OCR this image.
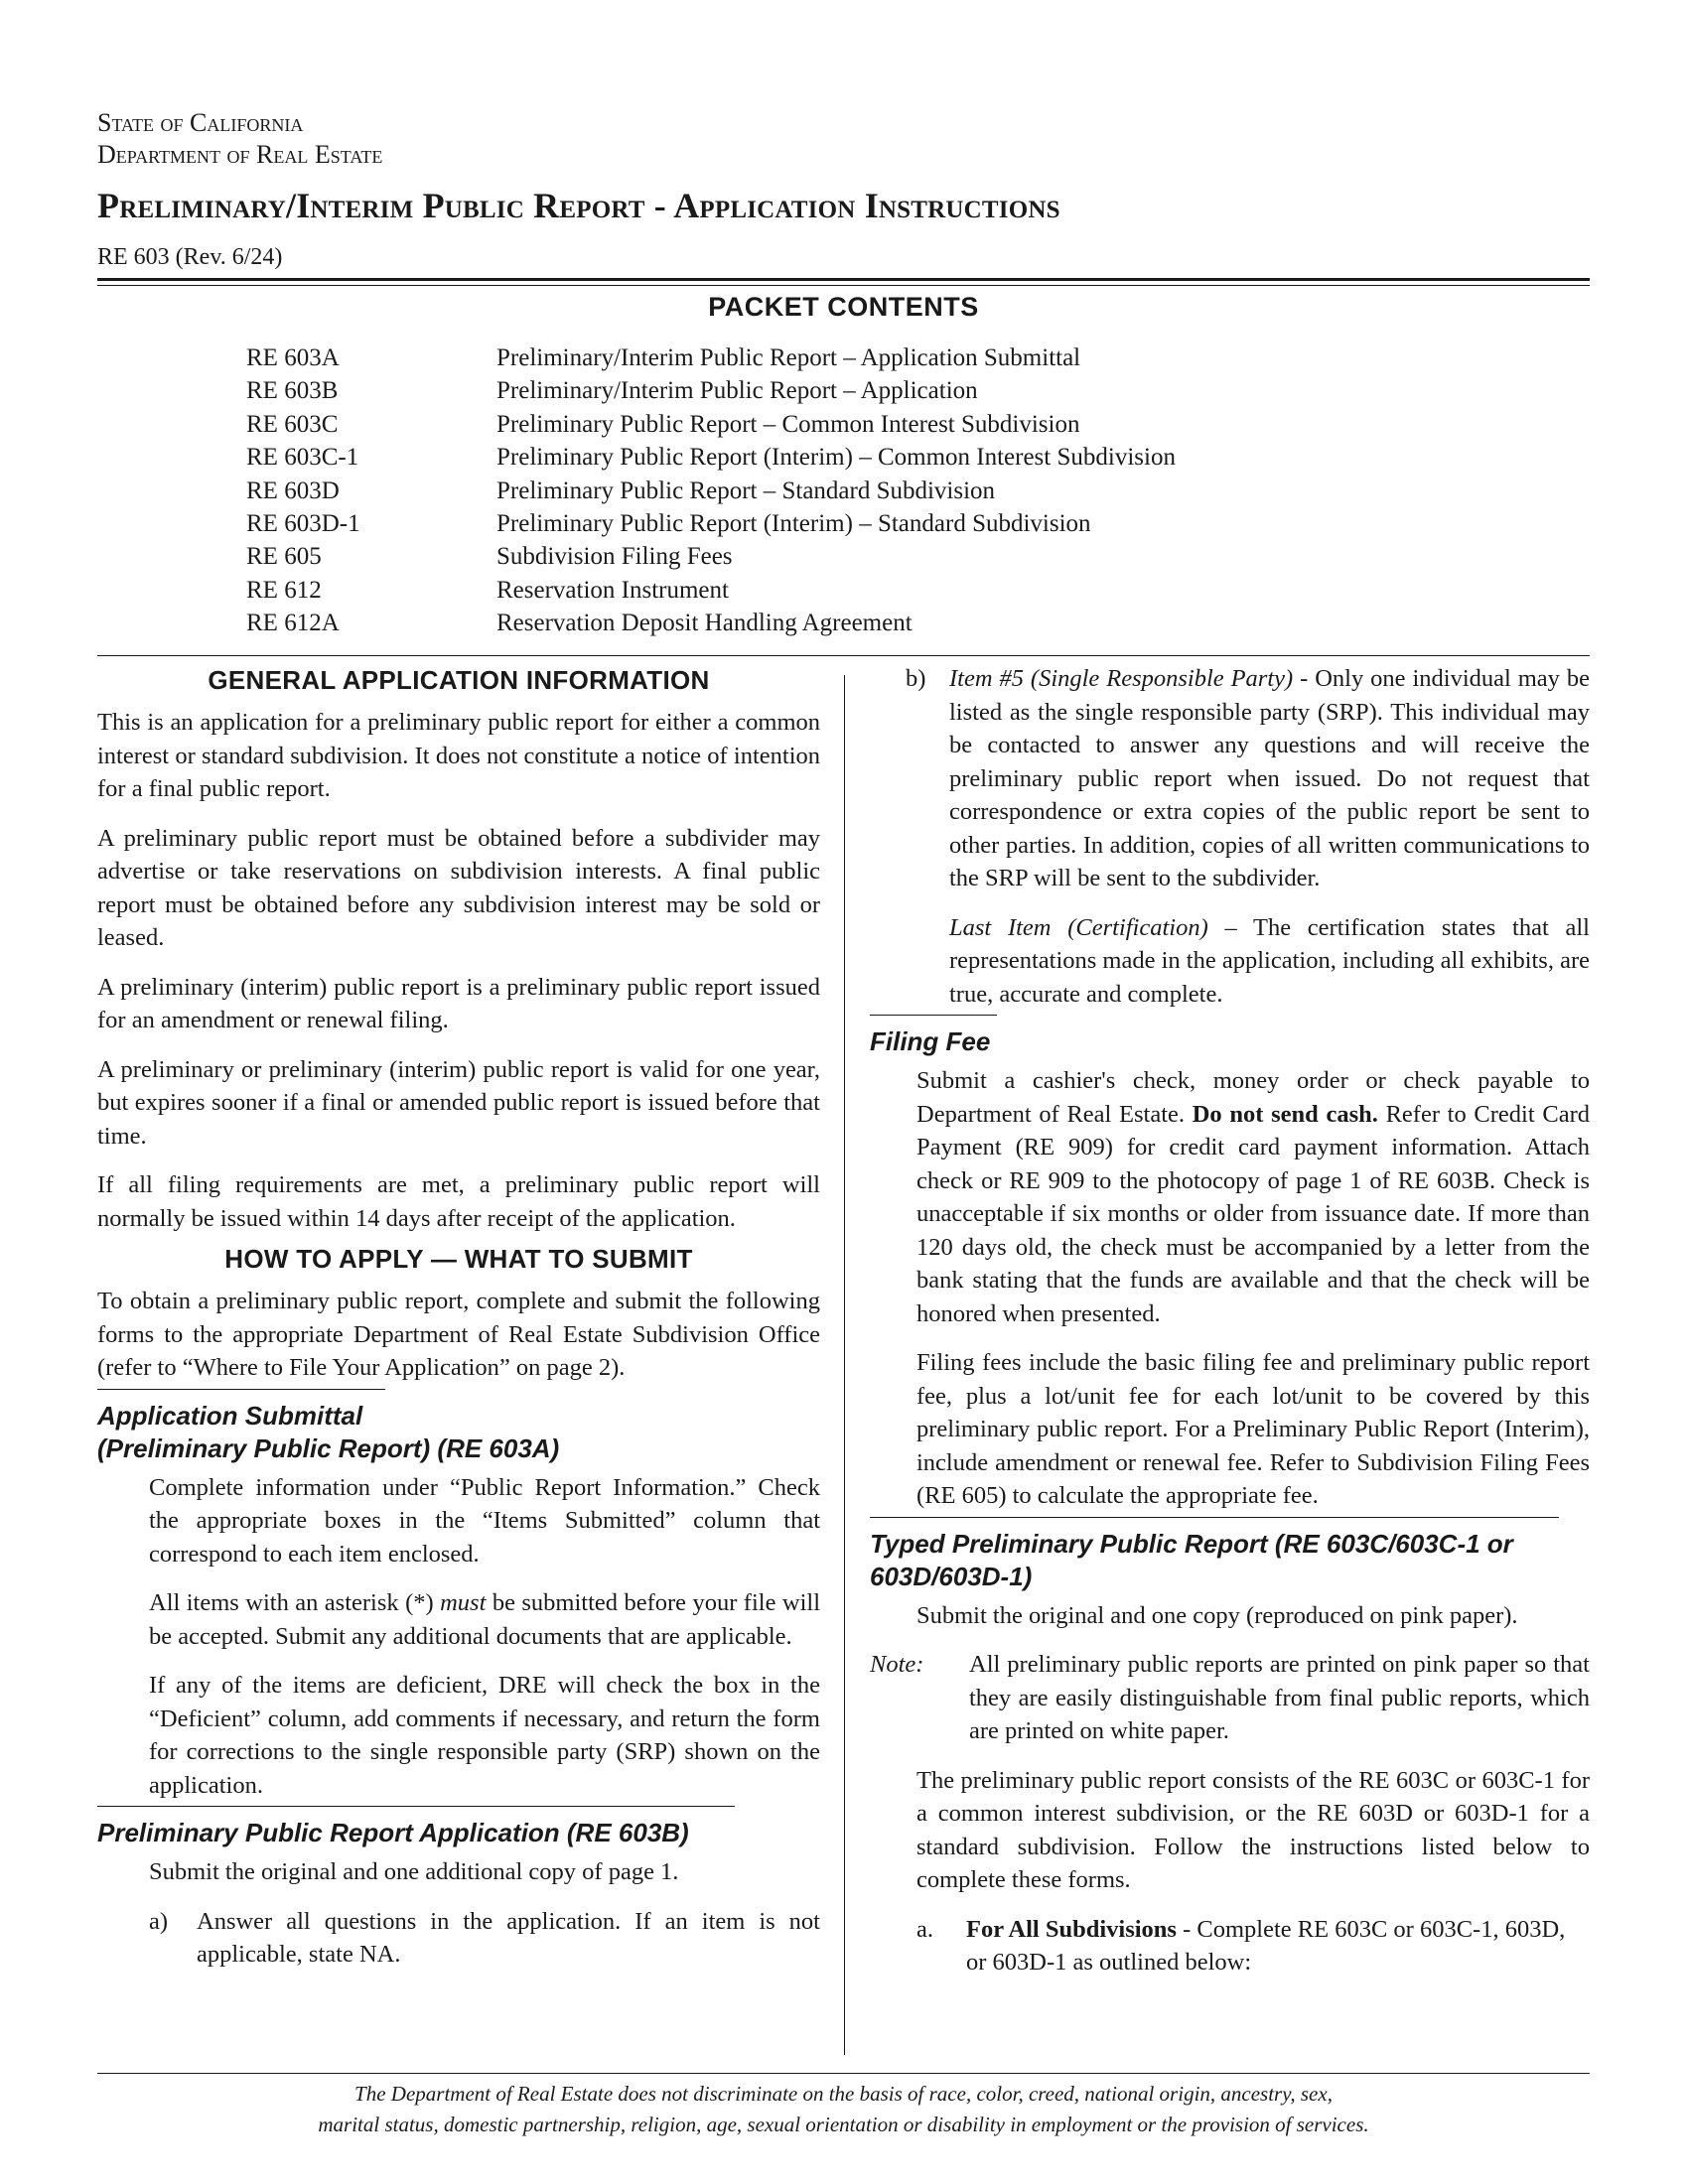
State of California
Department of Real Estate
Preliminary/Interim Public Report - Application Instructions
RE 603 (Rev. 6/24)
PACKET CONTENTS
RE 603A	Preliminary/Interim Public Report – Application Submittal
RE 603B	Preliminary/Interim Public Report – Application
RE 603C	Preliminary Public Report – Common Interest Subdivision
RE 603C-1	Preliminary Public Report (Interim) – Common Interest Subdivision
RE 603D	Preliminary Public Report – Standard Subdivision
RE 603D-1	Preliminary Public Report (Interim) – Standard Subdivision
RE 605	Subdivision Filing Fees
RE 612	Reservation Instrument
RE 612A	Reservation Deposit Handling Agreement
GENERAL APPLICATION INFORMATION

This is an application for a preliminary public report for either a common interest or standard subdivision. It does not constitute a notice of intention for a final public report.

A preliminary public report must be obtained before a subdivider may advertise or take reservations on subdivision interests. A final public report must be obtained before any subdivision interest may be sold or leased.

A preliminary (interim) public report is a preliminary public report issued for an amendment or renewal filing.

A preliminary or preliminary (interim) public report is valid for one year, but expires sooner if a final or amended public report is issued before that time.

If all filing requirements are met, a preliminary public report will normally be issued within 14 days after receipt of the application.

HOW TO APPLY — WHAT TO SUBMIT

To obtain a preliminary public report, complete and submit the following forms to the appropriate Department of Real Estate Subdivision Office (refer to “Where to File Your Application” on page 2).

Application Submittal
(Preliminary Public Report) (RE 603A)

Complete information under “Public Report Information.” Check the appropriate boxes in the “Items Submitted” column that correspond to each item enclosed.

All items with an asterisk (*) must be submitted before your file will be accepted. Submit any additional documents that are applicable.

If any of the items are deficient, DRE will check the box in the “Deficient” column, add comments if necessary, and return the form for corrections to the single responsible party (SRP) shown on the application.

Preliminary Public Report Application (RE 603B)

Submit the original and one additional copy of page 1.

a)	Answer all questions in the application. If an item is not applicable, state NA.
b) Item #5 (Single Responsible Party) - Only one individual may be listed as the single responsible party (SRP). This individual may be contacted to answer any questions and will receive the preliminary public report when issued. Do not request that correspondence or extra copies of the public report be sent to other parties. In addition, copies of all written communications to the SRP will be sent to the subdivider.

Last Item (Certification) – The certification states that all representations made in the application, including all exhibits, are true, accurate and complete.

Filing Fee

Submit a cashier's check, money order or check payable to Department of Real Estate. Do not send cash. Refer to Credit Card Payment (RE 909) for credit card payment information. Attach check or RE 909 to the photocopy of page 1 of RE 603B. Check is unacceptable if six months or older from issuance date. If more than 120 days old, the check must be accompanied by a letter from the bank stating that the funds are available and that the check will be honored when presented.

Filing fees include the basic filing fee and preliminary public report fee, plus a lot/unit fee for each lot/unit to be covered by this preliminary public report. For a Preliminary Public Report (Interim), include amendment or renewal fee. Refer to Subdivision Filing Fees (RE 605) to calculate the appropriate fee.

Typed Preliminary Public Report (RE 603C/603C-1 or 603D/603D-1)

Submit the original and one copy (reproduced on pink paper).

Note:	All preliminary public reports are printed on pink paper so that they are easily distinguishable from final public reports, which are printed on white paper.

The preliminary public report consists of the RE 603C or 603C-1 for a common interest subdivision, or the RE 603D or 603D-1 for a standard subdivision. Follow the instructions listed below to complete these forms.

a.	For All Subdivisions - Complete RE 603C or 603C-1, 603D, or 603D-1 as outlined below:
The Department of Real Estate does not discriminate on the basis of race, color, creed, national origin, ancestry, sex,
marital status, domestic partnership, religion, age, sexual orientation or disability in employment or the provision of services.
